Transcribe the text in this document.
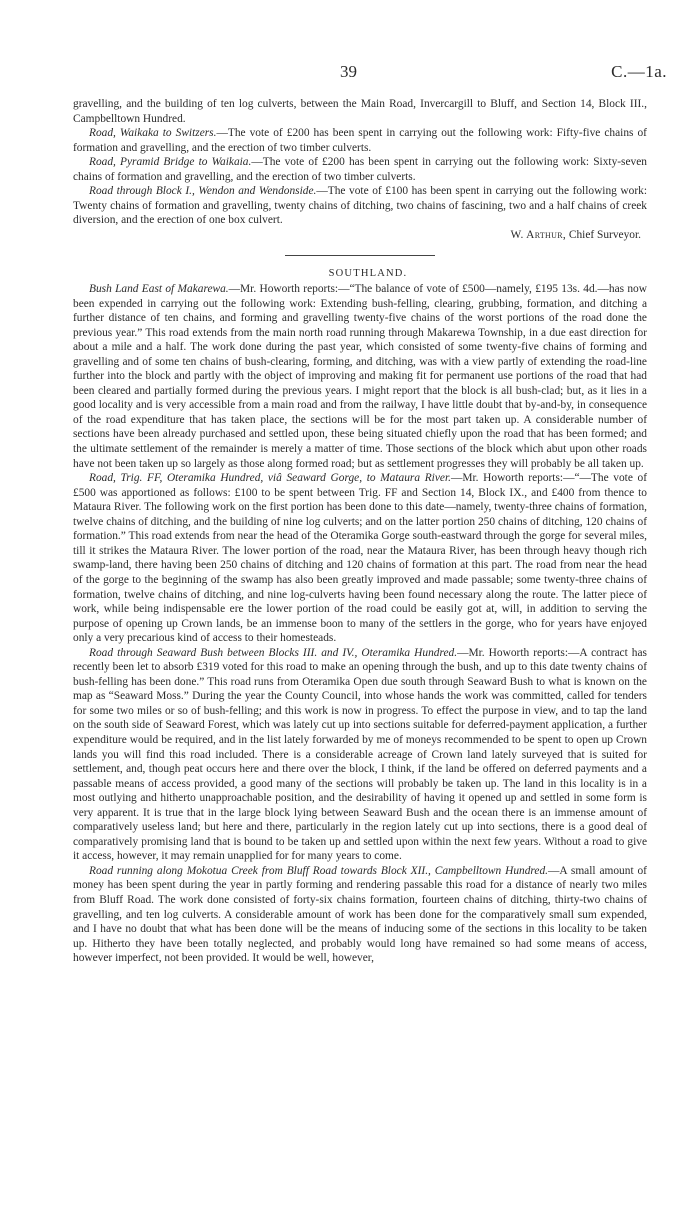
39	C.—1a.

gravelling, and the building of ten log culverts, between the Main Road, Invercargill to Bluff, and Section 14, Block III., Campbelltown Hundred.

Road, Waikaka to Switzers.—The vote of £200 has been spent in carrying out the following work: Fifty-five chains of formation and gravelling, and the erection of two timber culverts.

Road, Pyramid Bridge to Waikaia.—The vote of £200 has been spent in carrying out the following work: Sixty-seven chains of formation and gravelling, and the erection of two timber culverts.

Road through Block I., Wendon and Wendonside.—The vote of £100 has been spent in carrying out the following work: Twenty chains of formation and gravelling, twenty chains of ditching, two chains of fascining, two and a half chains of creek diversion, and the erection of one box culvert.

W. Arthur, Chief Surveyor.

SOUTHLAND.

Bush Land East of Makarewa.—Mr. Howorth reports:—“The balance of vote of £500—namely, £195 13s. 4d.—has now been expended in carrying out the following work: Extending bush-felling, clearing, grubbing, formation, and ditching a further distance of ten chains, and forming and gravelling twenty-five chains of the worst portions of the road done the previous year.” This road extends from the main north road running through Makarewa Township, in a due east direction for about a mile and a half. The work done during the past year, which consisted of some twenty-five chains of forming and gravelling and of some ten chains of bush-clearing, forming, and ditching, was with a view partly of extending the road-line further into the block and partly with the object of improving and making fit for permanent use portions of the road that had been cleared and partially formed during the previous years. I might report that the block is all bush-clad; but, as it lies in a good locality and is very accessible from a main road and from the railway, I have little doubt that by-and-by, in consequence of the road expenditure that has taken place, the sections will be for the most part taken up. A considerable number of sections have been already purchased and settled upon, these being situated chiefly upon the road that has been formed; and the ultimate settlement of the remainder is merely a matter of time. Those sections of the block which abut upon other roads have not been taken up so largely as those along formed road; but as settlement progresses they will probably be all taken up.

Road, Trig. FF, Oteramika Hundred, viâ Seaward Gorge, to Mataura River.—Mr. Howorth reports:—“—The vote of £500 was apportioned as follows: £100 to be spent between Trig. FF and Section 14, Block IX., and £400 from thence to Mataura River. The following work on the first portion has been done to this date—namely, twenty-three chains of formation, twelve chains of ditching, and the building of nine log culverts; and on the latter portion 250 chains of ditching, 120 chains of formation.” This road extends from near the head of the Oteramika Gorge south-eastward through the gorge for several miles, till it strikes the Mataura River. The lower portion of the road, near the Mataura River, has been through heavy though rich swamp-land, there having been 250 chains of ditching and 120 chains of formation at this part. The road from near the head of the gorge to the beginning of the swamp has also been greatly improved and made passable; some twenty-three chains of formation, twelve chains of ditching, and nine log-culverts having been found necessary along the route. The latter piece of work, while being indispensable ere the lower portion of the road could be easily got at, will, in addition to serving the purpose of opening up Crown lands, be an immense boon to many of the settlers in the gorge, who for years have enjoyed only a very precarious kind of access to their homesteads.

Road through Seaward Bush between Blocks III. and IV., Oteramika Hundred.—Mr. Howorth reports:—A contract has recently been let to absorb £319 voted for this road to make an opening through the bush, and up to this date twenty chains of bush-felling has been done.” This road runs from Oteramika Open due south through Seaward Bush to what is known on the map as “Seaward Moss.” During the year the County Council, into whose hands the work was committed, called for tenders for some two miles or so of bush-felling; and this work is now in progress. To effect the purpose in view, and to tap the land on the south side of Seaward Forest, which was lately cut up into sections suitable for deferred-payment application, a further expenditure would be required, and in the list lately forwarded by me of moneys recommended to be spent to open up Crown lands you will find this road included. There is a considerable acreage of Crown land lately surveyed that is suited for settlement, and, though peat occurs here and there over the block, I think, if the land be offered on deferred payments and a passable means of access provided, a good many of the sections will probably be taken up. The land in this locality is in a most outlying and hitherto unapproachable position, and the desirability of having it opened up and settled in some form is very apparent. It is true that in the large block lying between Seaward Bush and the ocean there is an immense amount of comparatively useless land; but here and there, particularly in the region lately cut up into sections, there is a good deal of comparatively promising land that is bound to be taken up and settled upon within the next few years. Without a road to give it access, however, it may remain unapplied for for many years to come.

Road running along Mokotua Creek from Bluff Road towards Block XII., Campbelltown Hundred.—A small amount of money has been spent during the year in partly forming and rendering passable this road for a distance of nearly two miles from Bluff Road. The work done consisted of forty-six chains formation, fourteen chains of ditching, thirty-two chains of gravelling, and ten log culverts. A considerable amount of work has been done for the comparatively small sum expended, and I have no doubt that what has been done will be the means of inducing some of the sections in this locality to be taken up. Hitherto they have been totally neglected, and probably would long have remained so had some means of access, however imperfect, not been provided. It would be well, however,
